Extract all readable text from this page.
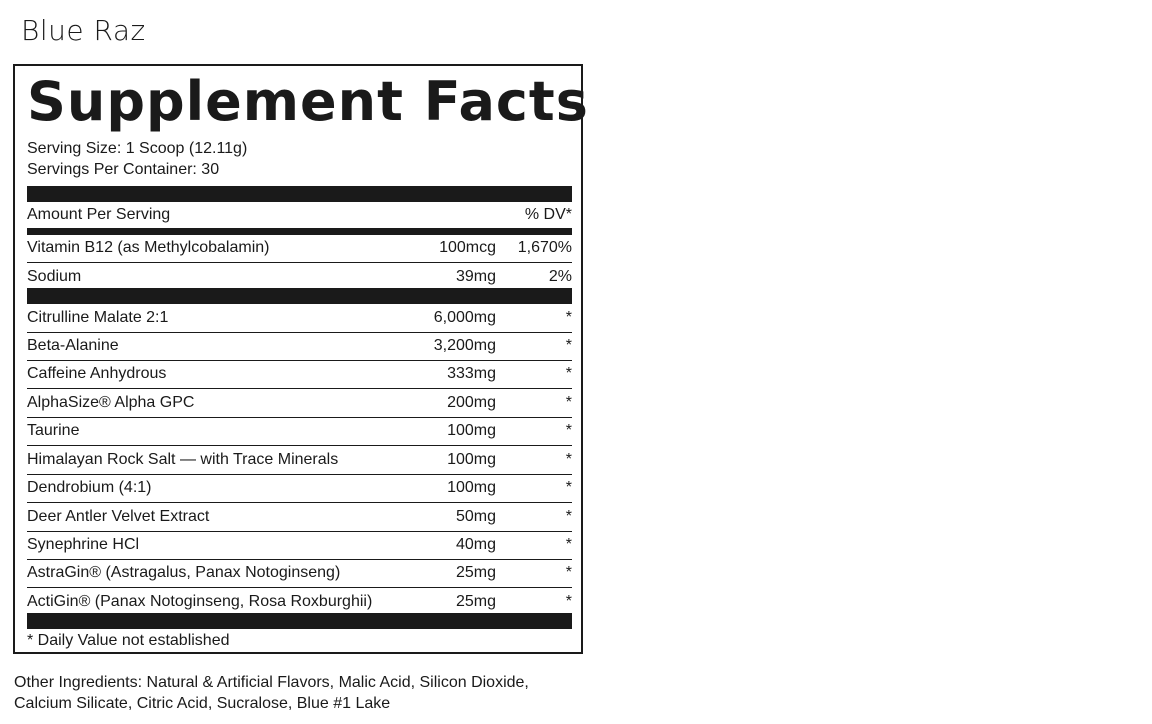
Blue Raz
Supplement Facts
Serving Size: 1 Scoop (12.11g)
Servings Per Container: 30
Amount Per Serving	% DV*
Vitamin B12 (as Methylcobalamin)	100mcg 1,670%
Sodium	39mg	2%
Citrulline Malate 2:1	6,000mg	*
Beta-Alanine	3,200mg	*
Caffeine Anhydrous	333mg	*
AlphaSize® Alpha GPC	200mg	*
Taurine	100mg	*
Himalayan Rock Salt — with Trace Minerals	100mg	*
Dendrobium (4:1)	100mg	*
Deer Antler Velvet Extract	50mg	*
Synephrine HCl	40mg	*
AstraGin® (Astragalus, Panax Notoginseng)	25mg	*
ActiGin® (Panax Notoginseng, Rosa Roxburghii)	25mg	*
* Daily Value not established
Other Ingredients: Natural & Artificial Flavors, Malic Acid, Silicon Dioxide, Calcium Silicate, Citric Acid, Sucralose, Blue #1 Lake
